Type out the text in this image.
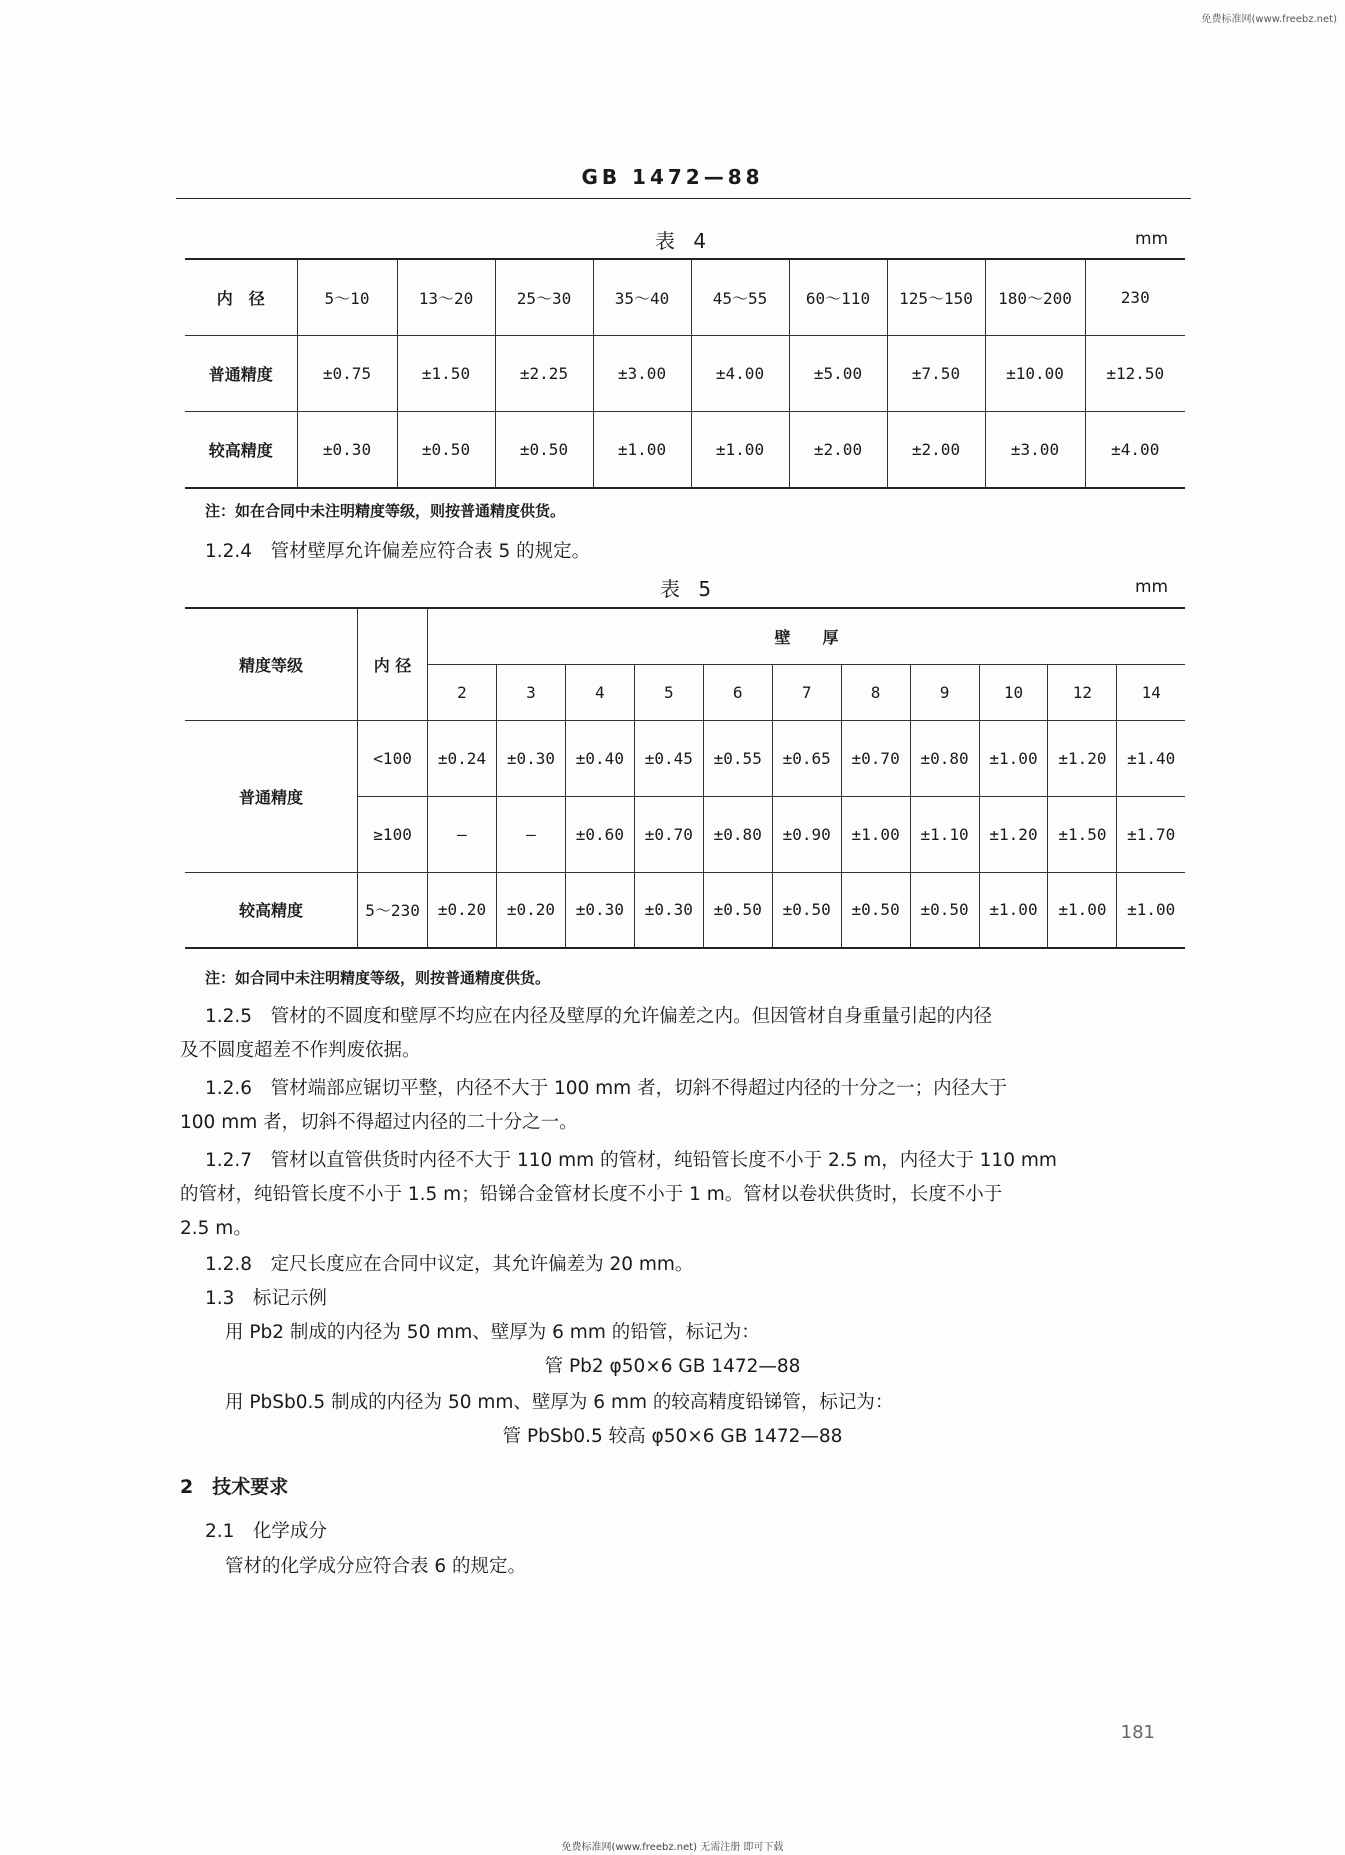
免费标准网(www.freebz.net)
GB 1472—88
表 4	mm
内　径	5～10	13～20	25～30	35～40	45～55	60～110	125～150	180～200	230
普通精度	±0.75	±1.50	±2.25	±3.00	±4.00	±5.00	±7.50	±10.00	±12.50
较高精度	±0.30	±0.50	±0.50	±1.00	±1.00	±2.00	±2.00	±3.00	±4.00
注：如在合同中未注明精度等级，则按普通精度供货。
1.2.4　管材壁厚允许偏差应符合表 5 的规定。
表 5	mm
精度等级	内 径	壁　　厚										
		2	3	4	5	6	7	8	9	10	12	14
普通精度	<100	±0.24	±0.30	±0.40	±0.45	±0.55	±0.65	±0.70	±0.80	±1.00	±1.20	±1.40
	≥100	—	—	±0.60	±0.70	±0.80	±0.90	±1.00	±1.10	±1.20	±1.50	±1.70
较高精度	5～230	±0.20	±0.20	±0.30	±0.30	±0.50	±0.50	±0.50	±0.50	±1.00	±1.00	±1.00
注：如合同中未注明精度等级，则按普通精度供货。
1.2.5　管材的不圆度和壁厚不均应在内径及壁厚的允许偏差之内。但因管材自身重量引起的内径
及不圆度超差不作判废依据。
1.2.6　管材端部应锯切平整，内径不大于 100 mm 者，切斜不得超过内径的十分之一；内径大于
100 mm 者，切斜不得超过内径的二十分之一。
1.2.7　管材以直管供货时内径不大于 110 mm 的管材，纯铅管长度不小于 2.5 m，内径大于 110 mm
的管材，纯铅管长度不小于 1.5 m；铅锑合金管材长度不小于 1 m。管材以卷状供货时，长度不小于
2.5 m。
1.2.8　定尺长度应在合同中议定，其允许偏差为 20 mm。
1.3　标记示例
用 Pb2 制成的内径为 50 mm、壁厚为 6 mm 的铅管，标记为：
管 Pb2 φ50×6 GB 1472—88
用 PbSb0.5 制成的内径为 50 mm、壁厚为 6 mm 的较高精度铅锑管，标记为：
管 PbSb0.5 较高 φ50×6 GB 1472—88
2　技术要求
2.1　化学成分
管材的化学成分应符合表 6 的规定。
181
免费标准网(www.freebz.net) 无需注册 即可下载
